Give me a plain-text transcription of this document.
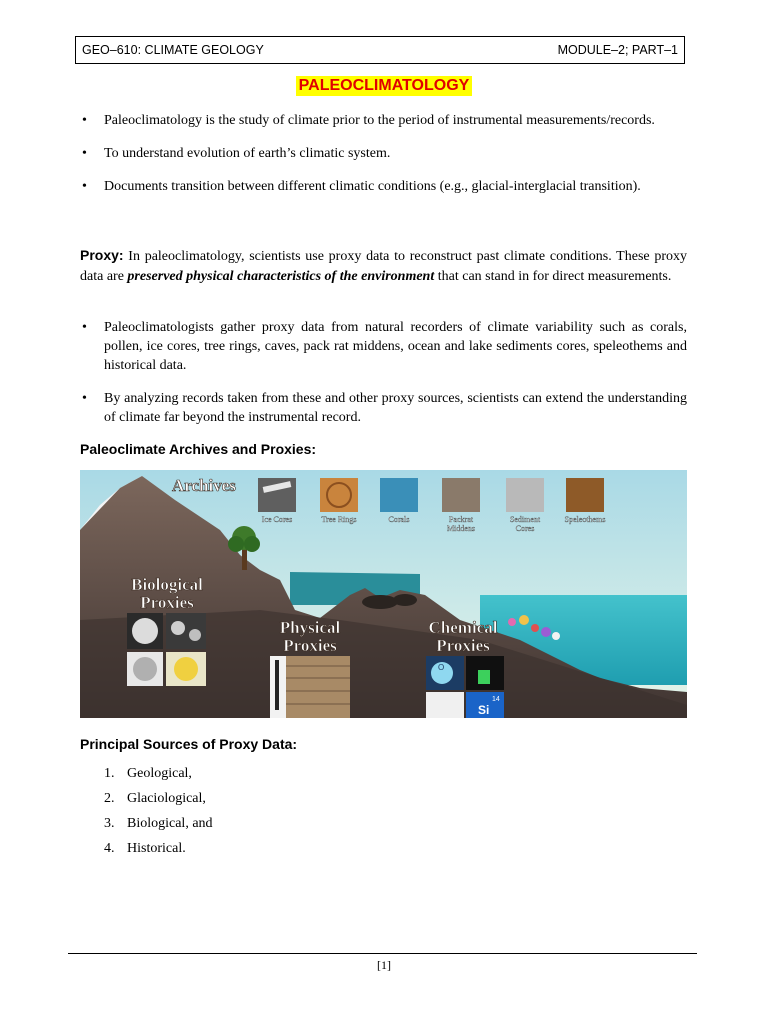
GEO–610: CLIMATE GEOLOGY	MODULE–2; PART–1
PALEOCLIMATOLOGY
• Paleoclimatology is the study of climate prior to the period of instrumental measurements/records.
• To understand evolution of earth’s climatic system.
• Documents transition between different climatic conditions (e.g., glacial-interglacial transition).

Proxy: In paleoclimatology, scientists use proxy data to reconstruct past climate conditions. These proxy data are preserved physical characteristics of the environment that can stand in for direct measurements.

• Paleoclimatologists gather proxy data from natural recorders of climate variability such as corals, pollen, ice cores, tree rings, caves, pack rat middens, ocean and lake sediments cores, speleothems and historical data.
• By analyzing records taken from these and other proxy sources, scientists can extend the understanding of climate far beyond the instrumental record.
Paleoclimate Archives and Proxies:
Archives
Ice Cores	Tree Rings	Corals	Packrat
Middens
Sediment
Cores
Speleothems
Biological
Proxies
Physical
Proxies
Chemical
Proxies
O
Si
14
Principal Sources of Proxy Data:
1. Geological,
2. Glaciological,
3. Biological, and
4. Historical.
[1]
